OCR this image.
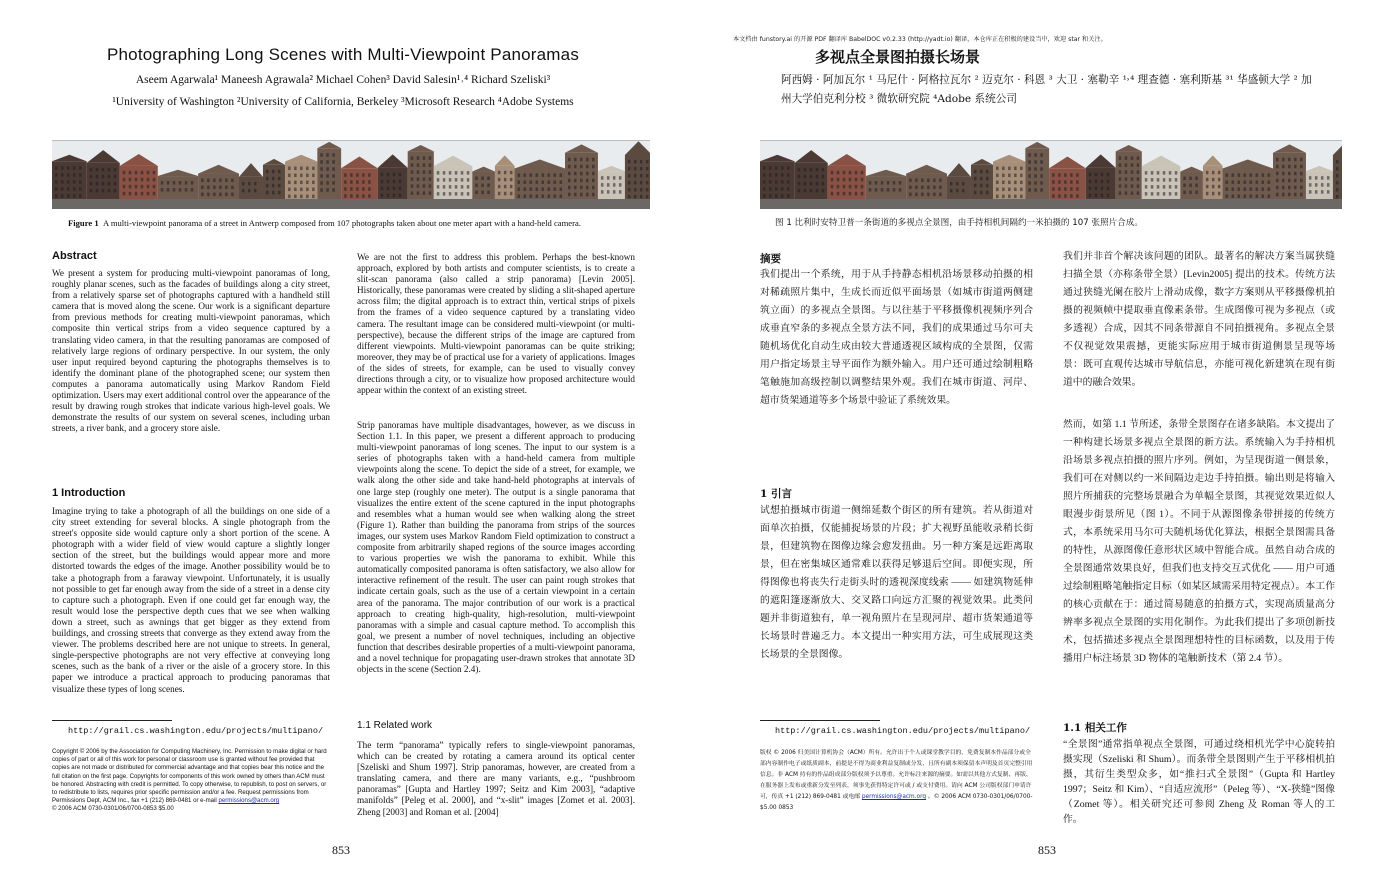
Photographing Long Scenes with Multi-Viewpoint Panoramas
Aseem Agarwala¹ Maneesh Agrawala² Michael Cohen³ David Salesin¹˒⁴ Richard Szeliski³
¹University of Washington ²University of California, Berkeley ³Microsoft Research ⁴Adobe Systems
Figure 1 A multi-viewpoint panorama of a street in Antwerp composed from 107 photographs taken about one meter apart with a hand-held camera.
Abstract
We present a system for producing multi-viewpoint panoramas of long, roughly planar scenes, such as the facades of buildings along a city street, from a relatively sparse set of photographs captured with a handheld still camera that is moved along the scene. Our work is a significant departure from previous methods for creating multi-viewpoint panoramas, which composite thin vertical strips from a video sequence captured by a translating video camera, in that the resulting panoramas are composed of relatively large regions of ordinary perspective. In our system, the only user input required beyond capturing the photographs themselves is to identify the dominant plane of the photographed scene; our system then computes a panorama automatically using Markov Random Field optimization. Users may exert additional control over the appearance of the result by drawing rough strokes that indicate various high-level goals. We demonstrate the results of our system on several scenes, including urban streets, a river bank, and a grocery store aisle.
1 Introduction
Imagine trying to take a photograph of all the buildings on one side of a city street extending for several blocks. A single photograph from the street's opposite side would capture only a short portion of the scene. A photograph with a wider field of view would capture a slightly longer section of the street, but the buildings would appear more and more distorted towards the edges of the image. Another possibility would be to take a photograph from a faraway viewpoint. Unfortunately, it is usually not possible to get far enough away from the side of a street in a dense city to capture such a photograph. Even if one could get far enough way, the result would lose the perspective depth cues that we see when walking down a street, such as awnings that get bigger as they extend from buildings, and crossing streets that converge as they extend away from the viewer. The problems described here are not unique to streets. In general, single-perspective photographs are not very effective at conveying long scenes, such as the bank of a river or the aisle of a grocery store. In this paper we introduce a practical approach to producing panoramas that visualize these types of long scenes.
http://grail.cs.washington.edu/projects/multipano/
Copyright © 2006 by the Association for Computing Machinery, Inc. Permission to make digital or hard copies of part or all of this work for personal or classroom use is granted without fee provided that copies are not made or distributed for commercial advantage and that copies bear this notice and the full citation on the first page. Copyrights for components of this work owned by others than ACM must be honored. Abstracting with credit is permitted. To copy otherwise, to republish, to post on servers, or to redistribute to lists, requires prior specific permission and/or a fee. Request permissions from Permissions Dept, ACM Inc., fax +1 (212) 869-0481 or e-mail permissions@acm.org
© 2006 ACM 0730-0301/06/0700-0853 $5.00
We are not the first to address this problem. Perhaps the best-known approach, explored by both artists and computer scientists, is to create a slit-scan panorama (also called a strip panorama) [Levin 2005]. Historically, these panoramas were created by sliding a slit-shaped aperture across film; the digital approach is to extract thin, vertical strips of pixels from the frames of a video sequence captured by a translating video camera. The resultant image can be considered multi-viewpoint (or multi-perspective), because the different strips of the image are captured from different viewpoints. Multi-viewpoint panoramas can be quite striking; moreover, they may be of practical use for a variety of applications. Images of the sides of streets, for example, can be used to visually convey directions through a city, or to visualize how proposed architecture would appear within the context of an existing street.
Strip panoramas have multiple disadvantages, however, as we discuss in Section 1.1. In this paper, we present a different approach to producing multi-viewpoint panoramas of long scenes. The input to our system is a series of photographs taken with a hand-held camera from multiple viewpoints along the scene. To depict the side of a street, for example, we walk along the other side and take hand-held photographs at intervals of one large step (roughly one meter). The output is a single panorama that visualizes the entire extent of the scene captured in the input photographs and resembles what a human would see when walking along the street (Figure 1). Rather than building the panorama from strips of the sources images, our system uses Markov Random Field optimization to construct a composite from arbitrarily shaped regions of the source images according to various properties we wish the panorama to exhibit. While this automatically composited panorama is often satisfactory, we also allow for interactive refinement of the result. The user can paint rough strokes that indicate certain goals, such as the use of a certain viewpoint in a certain area of the panorama. The major contribution of our work is a practical approach to creating high-quality, high-resolution, multi-viewpoint panoramas with a simple and casual capture method. To accomplish this goal, we present a number of novel techniques, including an objective function that describes desirable properties of a multi-viewpoint panorama, and a novel technique for propagating user-drawn strokes that annotate 3D objects in the scene (Section 2.4).
1.1 Related work
The term “panorama” typically refers to single-viewpoint panoramas, which can be created by rotating a camera around its optical center [Szeliski and Shum 1997]. Strip panoramas, however, are created from a translating camera, and there are many variants, e.g., “pushbroom panoramas” [Gupta and Hartley 1997; Seitz and Kim 2003], “adaptive manifolds” [Peleg et al. 2000], and “x-slit” images [Zomet et al. 2003]. Zheng [2003] and Roman et al. [2004]
853
本文档由 funstory.ai 的开源 PDF 翻译库 BabelDOC v0.2.33 (http://yadt.io) 翻译，本仓库正在积极的建设当中，欢迎 star 和关注。
多视点全景图拍摄长场景
阿西姆 · 阿加瓦尔 ¹ 马尼什 · 阿格拉瓦尔 ² 迈克尔 · 科恩 ³ 大卫 · 塞勒辛 ¹˒⁴ 理查德 · 塞利斯基 ³¹ 华盛顿大学 ² 加州大学伯克利分校 ³ 微软研究院 ⁴Adobe 系统公司
图 1 比利时安特卫普一条街道的多视点全景图，由手持相机间隔约一米拍摄的 107 张照片合成。
摘要
我们提出一个系统，用于从手持静态相机沿场景移动拍摄的相对稀疏照片集中，生成长而近似平面场景（如城市街道两侧建筑立面）的多视点全景图。与以往基于平移摄像机视频序列合成垂直窄条的多视点全景方法不同，我们的成果通过马尔可夫随机场优化自动生成由较大普通透视区域构成的全景图，仅需用户指定场景主导平面作为额外输入。用户还可通过绘制粗略笔触施加高级控制以调整结果外观。我们在城市街道、河岸、超市货架通道等多个场景中验证了系统效果。
1 引言
试想拍摄城市街道一侧绵延数个街区的所有建筑。若从街道对面单次拍摄，仅能捕捉场景的片段；扩大视野虽能收录稍长街景，但建筑物在图像边缘会愈发扭曲。另一种方案是远距离取景，但在密集城区通常难以获得足够退后空间。即便实现，所得图像也将丧失行走街头时的透视深度线索 —— 如建筑物延伸的遮阳篷逐渐放大、交叉路口向远方汇聚的视觉效果。此类问题并非街道独有，单一视角照片在呈现河岸、超市货架通道等长场景时普遍乏力。本文提出一种实用方法，可生成展现这类长场景的全景图像。
http://grail.cs.washington.edu/projects/multipano/
版权 © 2006 归美国计算机协会（ACM）所有。允许出于个人或课堂教学目的，免费复制本作品部分或全部内容制作电子或纸质副本，前提是不得为商业利益复制或分发，且所有副本须保留本声明及首页完整引用信息。非 ACM 持有的作品组成部分版权须予以尊重。允许标注来源的摘要。如需以其他方式复制、再版、在服务器上发布或重新分发至列表，须事先获得特定许可或 / 或支付费用。请向 ACM 公司版权部门申请许可，传真 +1 (212) 869-0481 或电邮 permissions@acm.org 。© 2006 ACM 0730-0301/06/0700- $5.00 0853
我们并非首个解决该问题的团队。最著名的解决方案当属狭缝扫描全景（亦称条带全景）[Levin2005] 提出的技术。传统方法通过狭缝光阑在胶片上滑动成像，数字方案则从平移摄像机拍摄的视频帧中提取垂直像素条带。生成图像可视为多视点（或多透视）合成，因其不同条带源自不同拍摄视角。多视点全景不仅视觉效果震撼，更能实际应用于城市街道侧景呈现等场景：既可直观传达城市导航信息，亦能可视化新建筑在现有街道中的融合效果。
然而，如第 1.1 节所述，条带全景图存在诸多缺陷。本文提出了一种构建长场景多视点全景图的新方法。系统输入为手持相机沿场景多视点拍摄的照片序列。例如，为呈现街道一侧景象，我们可在对侧以约一米间隔边走边手持拍摄。输出则是将输入照片所捕获的完整场景融合为单幅全景图，其视觉效果近似人眼漫步街景所见（图 1）。不同于从源图像条带拼接的传统方式，本系统采用马尔可夫随机场优化算法，根据全景图需具备的特性，从源图像任意形状区域中智能合成。虽然自动合成的全景图通常效果良好，但我们也支持交互式优化 —— 用户可通过绘制粗略笔触指定目标（如某区域需采用特定视点）。本工作的核心贡献在于：通过简易随意的拍摄方式，实现高质量高分辨率多视点全景图的实用化制作。为此我们提出了多项创新技术，包括描述多视点全景图理想特性的目标函数，以及用于传播用户标注场景 3D 物体的笔触新技术（第 2.4 节）。
1.1 相关工作
“全景图”通常指单视点全景图，可通过绕相机光学中心旋转拍摄实现（Szeliski 和 Shum）。而条带全景图则产生于平移相机拍摄，其衍生类型众多，如“推扫式全景图”（Gupta 和 Hartley 1997；Seitz 和 Kim）、“自适应流形”（Peleg 等）、“X-狭缝”图像（Zomet 等）。相关研究还可参阅 Zheng 及 Roman 等人的工作。
853
